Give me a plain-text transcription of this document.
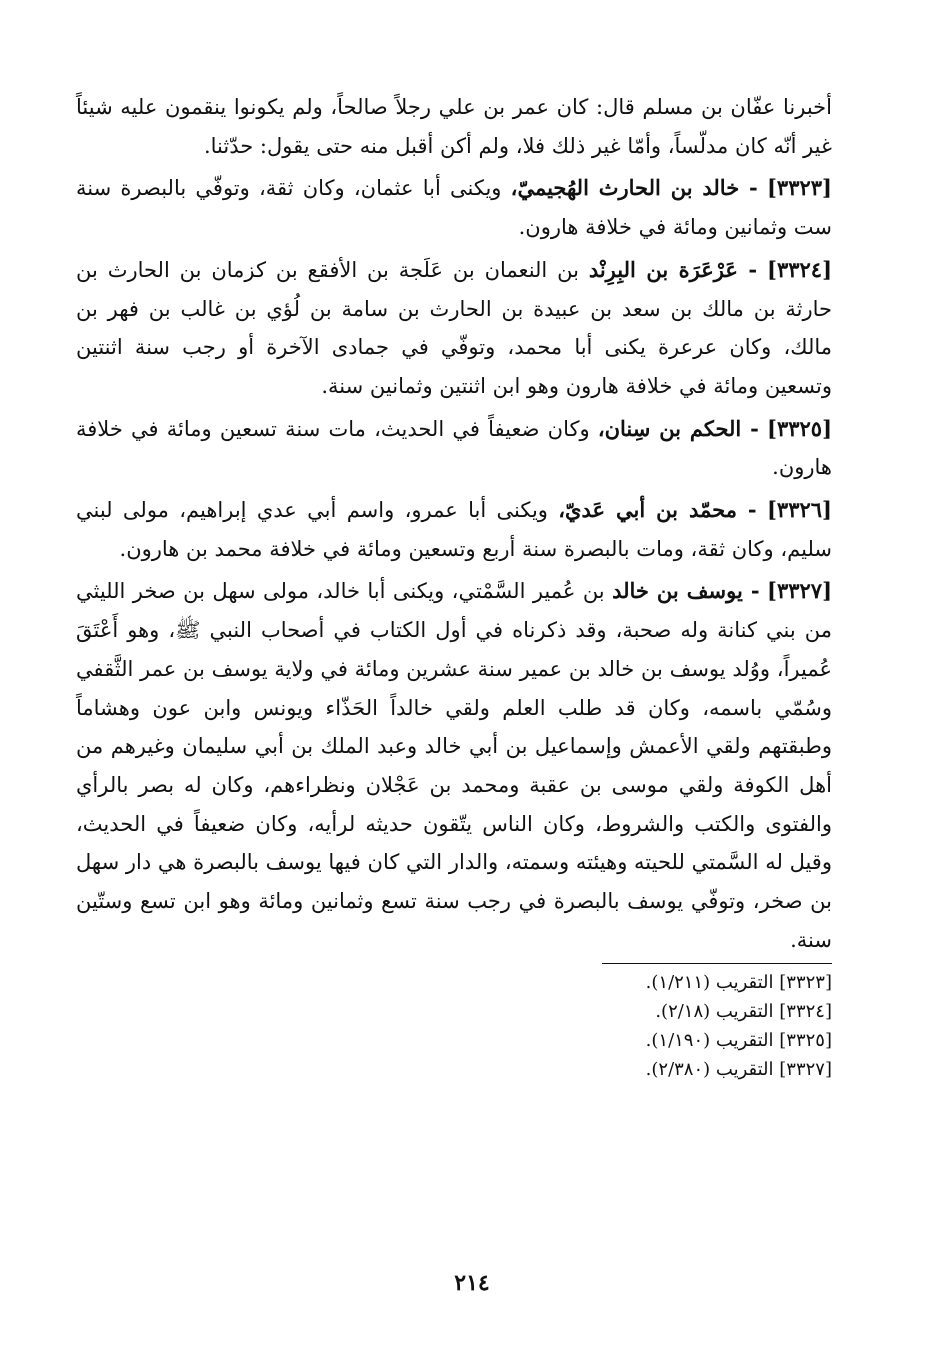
أخبرنا عفّان بن مسلم قال: كان عمر بن علي رجلاً صالحاً، ولم يكونوا ينقمون عليه شيئاً غير أنّه كان مدلّساً، وأمّا غير ذلك فلا، ولم أكن أقبل منه حتى يقول: حدّثنا.

[٣٣٢٣] - خالد بن الحارث الهُجيميّ، ويكنى أبا عثمان، وكان ثقة، وتوفّي بالبصرة سنة ست وثمانين ومائة في خلافة هارون.

[٣٣٢٤] - عَرْعَرَة بن البِرِنْد بن النعمان بن عَلَجة بن الأفقع بن كزمان بن الحارث بن حارثة بن مالك بن سعد بن عبيدة بن الحارث بن سامة بن لُؤي بن غالب بن فهر بن مالك، وكان عرعرة يكنى أبا محمد، وتوفّي في جمادى الآخرة أو رجب سنة اثنتين وتسعين ومائة في خلافة هارون وهو ابن اثنتين وثمانين سنة.

[٣٣٢٥] - الحكم بن سِنان، وكان ضعيفاً في الحديث، مات سنة تسعين ومائة في خلافة هارون.

[٣٣٢٦] - محمّد بن أبي عَديّ، ويكنى أبا عمرو، واسم أبي عدي إبراهيم، مولى لبني سليم، وكان ثقة، ومات بالبصرة سنة أربع وتسعين ومائة في خلافة محمد بن هارون.

[٣٣٢٧] - يوسف بن خالد بن عُمير السَّمْتي، ويكنى أبا خالد، مولى سهل بن صخر الليثي من بني كنانة وله صحبة، وقد ذكرناه في أول الكتاب في أصحاب النبي ﷺ، وهو أَعْتَقَ عُميراً، ووُلد يوسف بن خالد بن عمير سنة عشرين ومائة في ولاية يوسف بن عمر الثَّقفي وسُمّي باسمه، وكان قد طلب العلم ولقي خالداً الحَذّاء ويونس وابن عون وهشاماً وطبقتهم ولقي الأعمش وإسماعيل بن أبي خالد وعبد الملك بن أبي سليمان وغيرهم من أهل الكوفة ولقي موسى بن عقبة ومحمد بن عَجْلان ونظراءهم، وكان له بصر بالرأي والفتوى والكتب والشروط، وكان الناس يتّقون حديثه لرأيه، وكان ضعيفاً في الحديث، وقيل له السَّمتي للحيته وهيئته وسمته، والدار التي كان فيها يوسف بالبصرة هي دار سهل بن صخر، وتوفّي يوسف بالبصرة في رجب سنة تسع وثمانين ومائة وهو ابن تسع وستّين سنة.

[٣٣٢٣] التقريب (١/٢١١).

[٣٣٢٤] التقريب (٢/١٨).

[٣٣٢٥] التقريب (١/١٩٠).

[٣٣٢٧] التقريب (٢/٣٨٠).

٢١٤
